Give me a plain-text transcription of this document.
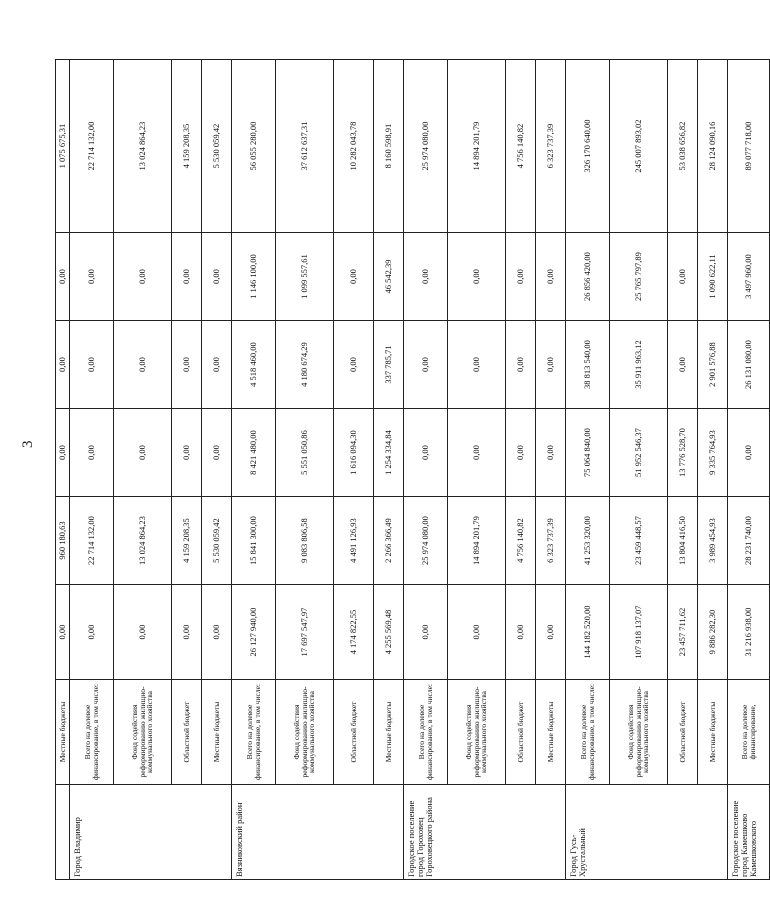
3
	Местные бюджеты	0,00	960 180,63	0,00	0,00	0,00	1 075 675,31
Город Владимир	Всего на долевое финансирование, в том числе:	0,00	22 714 132,00	0,00	0,00	0,00	22 714 132,00
	Фонд содействия реформированию жилищно-коммунального хозяйства	0,00	13 024 864,23	0,00	0,00	0,00	13 024 864,23
	Областной бюджет	0,00	4 159 208,35	0,00	0,00	0,00	4 159 208,35
	Местные бюджеты	0,00	5 530 059,42	0,00	0,00	0,00	5 530 059,42
Вязниковский район	Всего на долевое финансирование, в том числе:	26 127 940,00	15 841 300,00	8 421 480,00	4 518 460,00	1 146 100,00	56 055 280,00
	Фонд содействия реформированию жилищно-коммунального хозяйства	17 697 547,97	9 083 806,58	5 551 050,86	4 180 674,29	1 099 557,61	37 612 637,31
	Областной бюджет	4 174 822,55	4 491 126,93	1 616 094,30	0,00	0,00	10 282 043,78
	Местные бюджеты	4 255 569,48	2 266 366,49	1 254 334,84	337 785,71	46 542,39	8 160 598,91
Городское поселение город Гороховец Гороховецкого района	Всего на долевое финансирование, в том числе:	0,00	25 974 080,00	0,00	0,00	0,00	25 974 080,00
	Фонд содействия реформированию жилищно-коммунального хозяйства	0,00	14 894 201,79	0,00	0,00	0,00	14 894 201,79
	Областной бюджет	0,00	4 756 140,82	0,00	0,00	0,00	4 756 140,82
	Местные бюджеты	0,00	6 323 737,39	0,00	0,00	0,00	6 323 737,39
Город Гусь-Хрустальный	Всего на долевое финансирование, в том числе:	144 182 520,00	41 253 320,00	75 064 840,00	38 813 540,00	26 856 420,00	326 170 640,00
	Фонд содействия реформированию жилищно-коммунального хозяйства	107 918 137,07	23 459 448,57	51 952 546,37	35 911 963,12	25 765 797,89	245 007 893,02
	Областной бюджет	23 457 711,62	13 804 416,50	13 776 528,70	0,00	0,00	53 038 656,82
	Местные бюджеты	9 886 282,30	3 989 454,93	9 335 764,93	2 901 576,88	1 090 622,11	28 124 090,16
Городское поселение город Камешково Камешковского	Всего на долевое финансирование,	31 216 938,00	28 231 740,00	0,00	26 131 080,00	3 497 960,00	89 077 718,00
